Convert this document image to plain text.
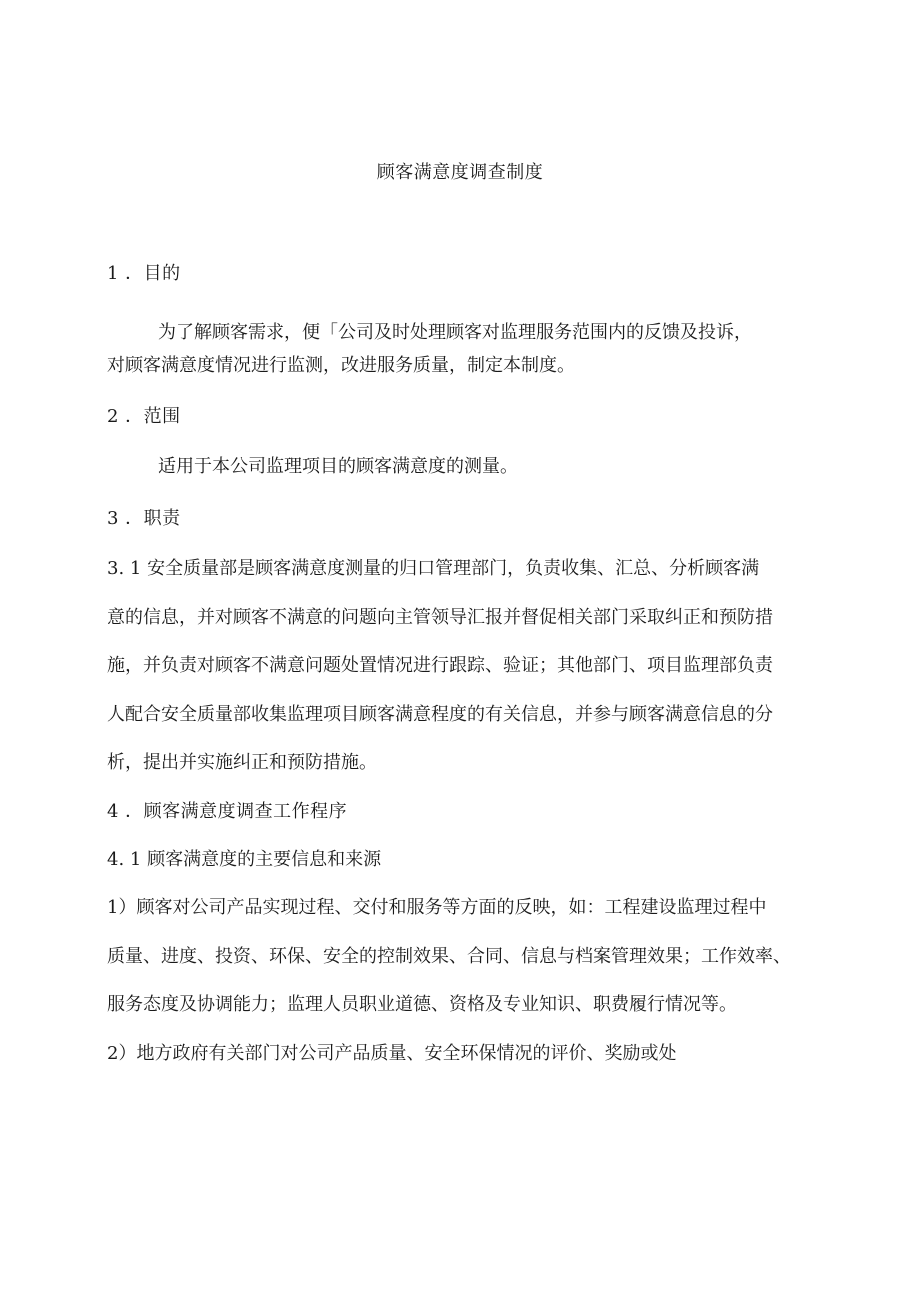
顾客满意度调查制度
1 ．目的
为了解顾客需求，便「公司及时处理顾客对监理服务范围内的反馈及投诉，
对顾客满意度情况进行监测，改进服务质量，制定本制度。
2 ．范围
适用于本公司监理项目的顾客满意度的测量。
3 ．职责
3. 1 安全质量部是顾客满意度测量的归口管理部门，负责收集、汇总、分析顾客满
意的信息，并对顾客不满意的问题向主管领导汇报并督促相关部门采取纠正和预防措
施，并负责对顾客不满意问题处置情况进行跟踪、验证；其他部门、项目监理部负责
人配合安全质量部收集监理项目顾客满意程度的有关信息，并参与顾客满意信息的分
析，提出并实施纠正和预防措施。
4 ．顾客满意度调查工作程序
4. 1 顾客满意度的主要信息和来源
1）顾客对公司产品实现过程、交付和服务等方面的反映，如：工程建设监理过程中
质量、进度、投资、环保、安全的控制效果、合同、信息与档案管理效果；工作效率、
服务态度及协调能力；监理人员职业道德、资格及专业知识、职费履行情况等。
2）地方政府有关部门对公司产品质量、安全环保情况的评价、奖励或处
